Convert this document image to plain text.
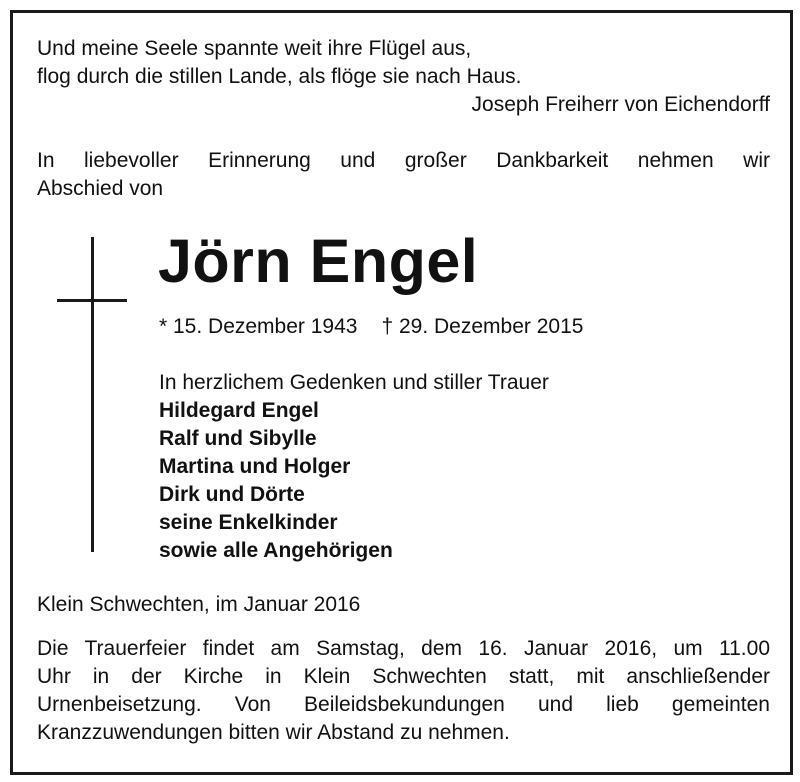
Und meine Seele spannte weit ihre Flügel aus,
flog durch die stillen Lande, als flöge sie nach Haus.
Joseph Freiherr von Eichendorff
In liebevoller Erinnerung und großer Dankbarkeit nehmen wir
Abschied von
Jörn Engel
* 15. Dezember 1943 † 29. Dezember 2015
In herzlichem Gedenken und stiller Trauer
Hildegard Engel
Ralf und Sibylle
Martina und Holger
Dirk und Dörte
seine Enkelkinder
sowie alle Angehörigen
Klein Schwechten, im Januar 2016
Die Trauerfeier findet am Samstag, dem 16. Januar 2016, um 11.00
Uhr in der Kirche in Klein Schwechten statt, mit anschließender
Urnenbeisetzung. Von Beileidsbekundungen und lieb gemeinten
Kranzzuwendungen bitten wir Abstand zu nehmen.
